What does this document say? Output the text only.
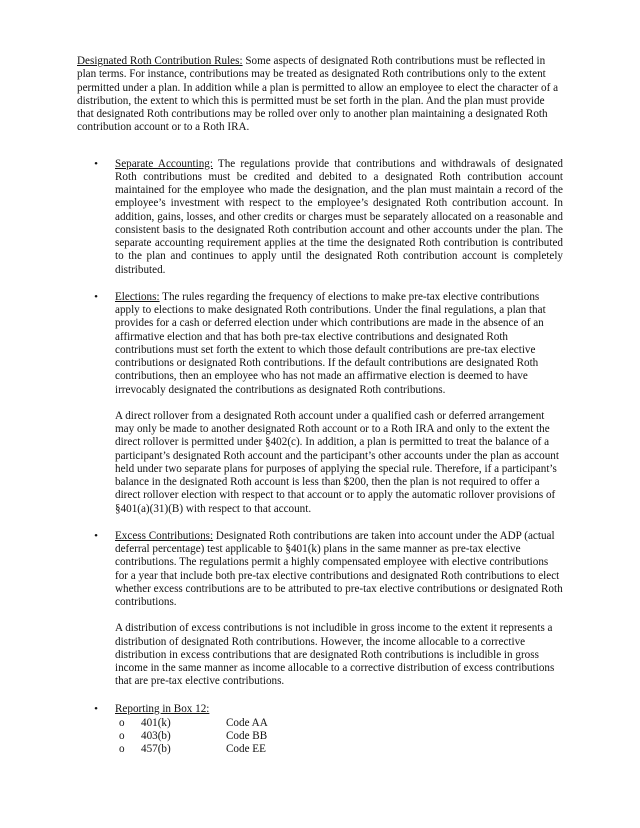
Designated Roth Contribution Rules: Some aspects of designated Roth contributions must be reflected in plan terms. For instance, contributions may be treated as designated Roth contributions only to the extent permitted under a plan. In addition while a plan is permitted to allow an employee to elect the character of a distribution, the extent to which this is permitted must be set forth in the plan. And the plan must provide that designated Roth contributions may be rolled over only to another plan maintaining a designated Roth contribution account or to a Roth IRA.

• Separate Accounting: The regulations provide that contributions and withdrawals of designated Roth contributions must be credited and debited to a designated Roth contribution account maintained for the employee who made the designation, and the plan must maintain a record of the employee’s investment with respect to the employee’s designated Roth contribution account. In addition, gains, losses, and other credits or charges must be separately allocated on a reasonable and consistent basis to the designated Roth contribution account and other accounts under the plan. The separate accounting requirement applies at the time the designated Roth contribution is contributed to the plan and continues to apply until the designated Roth contribution account is completely distributed.

• Elections: The rules regarding the frequency of elections to make pre-tax elective contributions apply to elections to make designated Roth contributions. Under the final regulations, a plan that provides for a cash or deferred election under which contributions are made in the absence of an affirmative election and that has both pre-tax elective contributions and designated Roth contributions must set forth the extent to which those default contributions are pre-tax elective contributions or designated Roth contributions. If the default contributions are designated Roth contributions, then an employee who has not made an affirmative election is deemed to have irrevocably designated the contributions as designated Roth contributions.

A direct rollover from a designated Roth account under a qualified cash or deferred arrangement may only be made to another designated Roth account or to a Roth IRA and only to the extent the direct rollover is permitted under §402(c). In addition, a plan is permitted to treat the balance of a participant’s designated Roth account and the participant’s other accounts under the plan as account held under two separate plans for purposes of applying the special rule. Therefore, if a participant’s balance in the designated Roth account is less than $200, then the plan is not required to offer a direct rollover election with respect to that account or to apply the automatic rollover provisions of §401(a)(31)(B) with respect to that account.

• Excess Contributions: Designated Roth contributions are taken into account under the ADP (actual deferral percentage) test applicable to §401(k) plans in the same manner as pre-tax elective contributions. The regulations permit a highly compensated employee with elective contributions for a year that include both pre-tax elective contributions and designated Roth contributions to elect whether excess contributions are to be attributed to pre-tax elective contributions or designated Roth contributions.

A distribution of excess contributions is not includible in gross income to the extent it represents a distribution of designated Roth contributions. However, the income allocable to a corrective distribution in excess contributions that are designated Roth contributions is includible in gross income in the same manner as income allocable to a corrective distribution of excess contributions that are pre-tax elective contributions.

• Reporting in Box 12:

o 401(k)	Code AA
o 403(b)	Code BB
o 457(b)	Code EE
